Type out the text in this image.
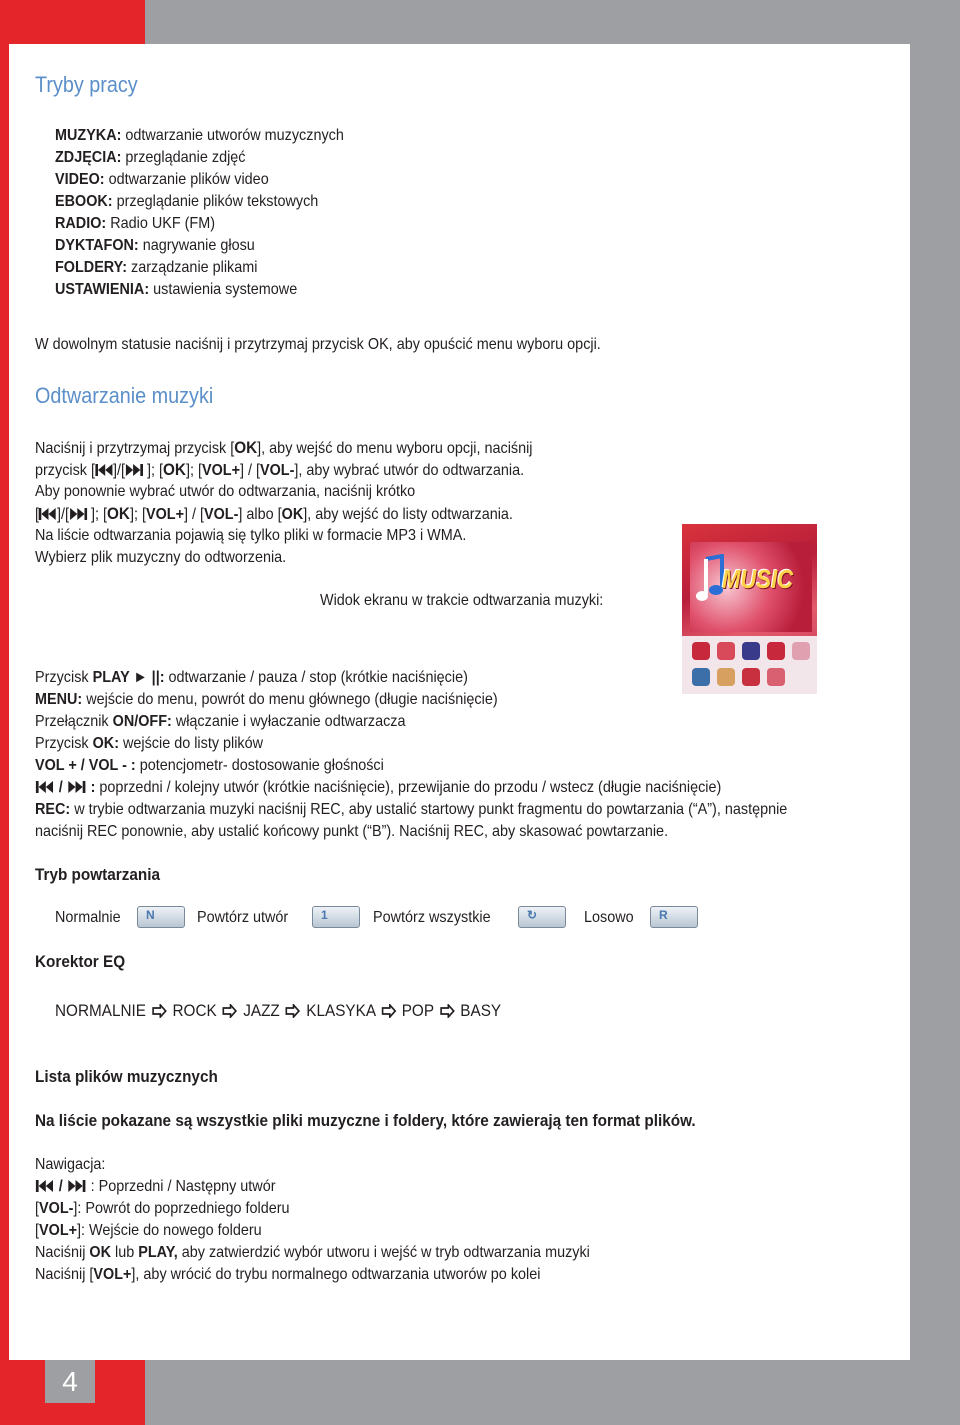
4
Tryby pracy
MUZYKA: odtwarzanie utworów muzycznych
ZDJĘCIA: przeglądanie zdjęć
VIDEO: odtwarzanie plików video
EBOOK: przeglądanie plików tekstowych
RADIO: Radio UKF (FM)
DYKTAFON: nagrywanie głosu
FOLDERY: zarządzanie plikami
USTAWIENIA: ustawienia systemowe
W dowolnym statusie naciśnij i przytrzymaj przycisk OK, aby opuścić menu wyboru opcji.
Odtwarzanie muzyki
Naciśnij i przytrzymaj przycisk [OK], aby wejść do menu wyboru opcji, naciśnij
przycisk [ ]/[ ]; [OK]; [VOL+] / [VOL-], aby wybrać utwór do odtwarzania.
Aby ponownie wybrać utwór do odtwarzania, naciśnij krótko
[ ]/[ ]; [OK]; [VOL+] / [VOL-] albo [OK], aby wejść do listy odtwarzania.
Na liście odtwarzania pojawią się tylko pliki w formacie MP3 i WMA.
Wybierz plik muzyczny do odtworzenia.
Widok ekranu w trakcie odtwarzania muzyki:
MUSIC
Przycisk PLAY ► ||: odtwarzanie / pauza / stop (krótkie naciśnięcie)
MENU: wejście do menu, powrót do menu głównego (długie naciśnięcie)
Przełącznik ON/OFF: włączanie i wyłaczanie odtwarzacza
Przycisk OK: wejście do listy plików
VOL + / VOL - : potencjometr- dostosowanie głośności
/  : poprzedni / kolejny utwór (krótkie naciśnięcie), przewijanie do przodu / wstecz (długie naciśnięcie)
REC: w trybie odtwarzania muzyki naciśnij REC, aby ustalić startowy punkt fragmentu do powtarzania (“A”), następnie
naciśnij REC ponownie, aby ustalić końcowy punkt (“B”). Naciśnij REC, aby skasować powtarzanie.
Tryb powtarzania
Normalnie N	Powtórz utwór	1	Powtórz wszystkie	↻	Losowo R
Korektor EQ
NORMALNIE ROCK JAZZ KLASYKA POP BASY
Lista plików muzycznych
Na liście pokazane są wszystkie pliki muzyczne i foldery, które zawierają ten format plików.
Nawigacja:
/  : Poprzedni / Następny utwór
[VOL-]: Powrót do poprzedniego folderu
[VOL+]: Wejście do nowego folderu
Naciśnij OK lub PLAY, aby zatwierdzić wybór utworu i wejść w tryb odtwarzania muzyki
Naciśnij [VOL+], aby wrócić do trybu normalnego odtwarzania utworów po kolei
